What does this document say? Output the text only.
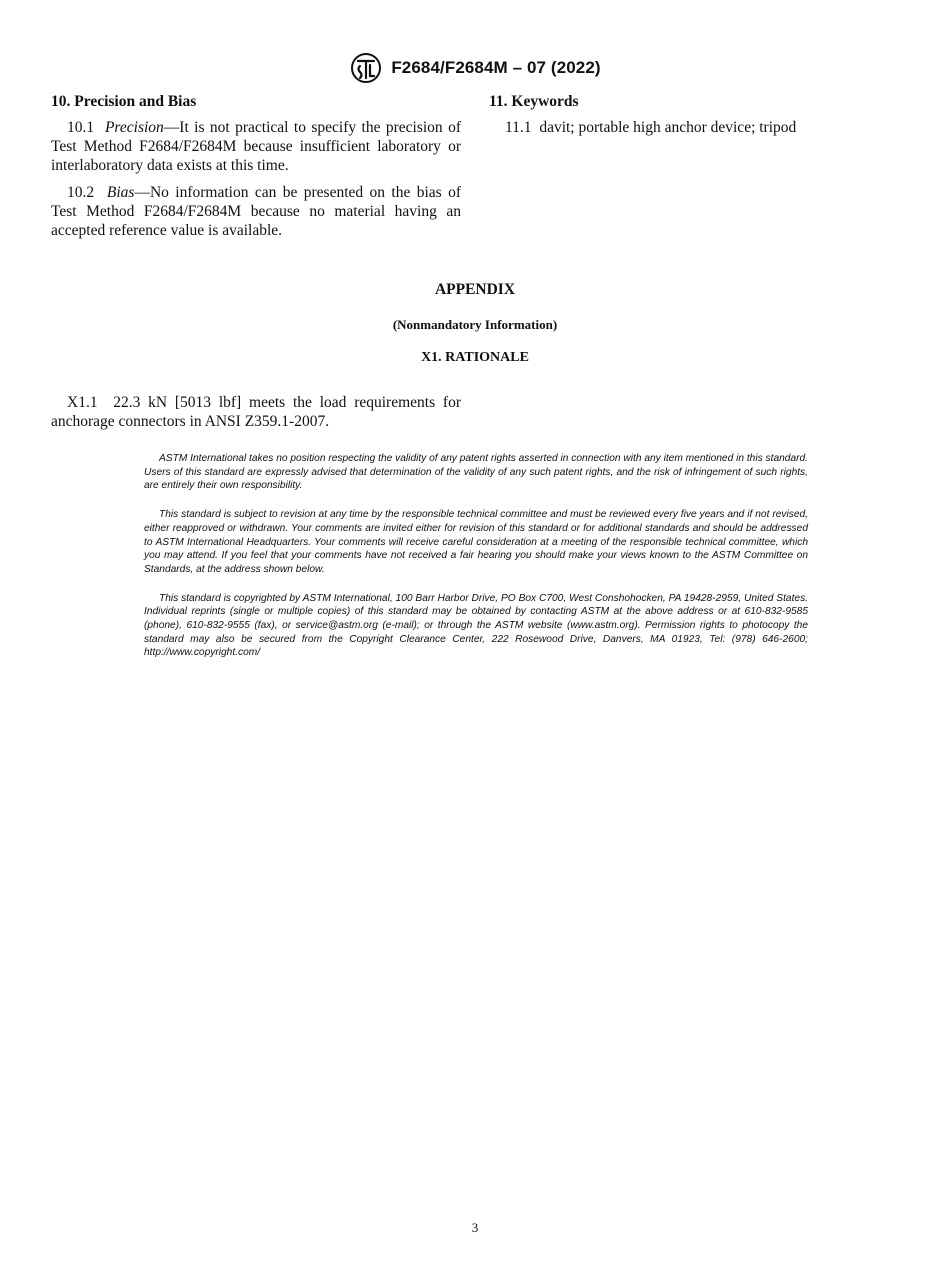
F2684/F2684M – 07 (2022)
10. Precision and Bias

10.1 Precision—It is not practical to specify the precision of Test Method F2684/F2684M because insufficient laboratory or interlaboratory data exists at this time.

10.2 Bias—No information can be presented on the bias of Test Method F2684/F2684M because no material having an accepted reference value is available.

11. Keywords

11.1 davit; portable high anchor device; tripod

APPENDIX
(Nonmandatory Information)
X1. RATIONALE

X1.1 22.3 kN [5013 lbf] meets the load requirements for anchorage connectors in ANSI Z359.1-2007.

ASTM International takes no position respecting the validity of any patent rights asserted in connection with any item mentioned in this standard. Users of this standard are expressly advised that determination of the validity of any such patent rights, and the risk of infringement of such rights, are entirely their own responsibility.

This standard is subject to revision at any time by the responsible technical committee and must be reviewed every five years and if not revised, either reapproved or withdrawn. Your comments are invited either for revision of this standard or for additional standards and should be addressed to ASTM International Headquarters. Your comments will receive careful consideration at a meeting of the responsible technical committee, which you may attend. If you feel that your comments have not received a fair hearing you should make your views known to the ASTM Committee on Standards, at the address shown below.

This standard is copyrighted by ASTM International, 100 Barr Harbor Drive, PO Box C700, West Conshohocken, PA 19428-2959, United States. Individual reprints (single or multiple copies) of this standard may be obtained by contacting ASTM at the above address or at 610-832-9585 (phone), 610-832-9555 (fax), or service@astm.org (e-mail); or through the ASTM website (www.astm.org). Permission rights to photocopy the standard may also be secured from the Copyright Clearance Center, 222 Rosewood Drive, Danvers, MA 01923, Tel: (978) 646-2600; http://www.copyright.com/

3
